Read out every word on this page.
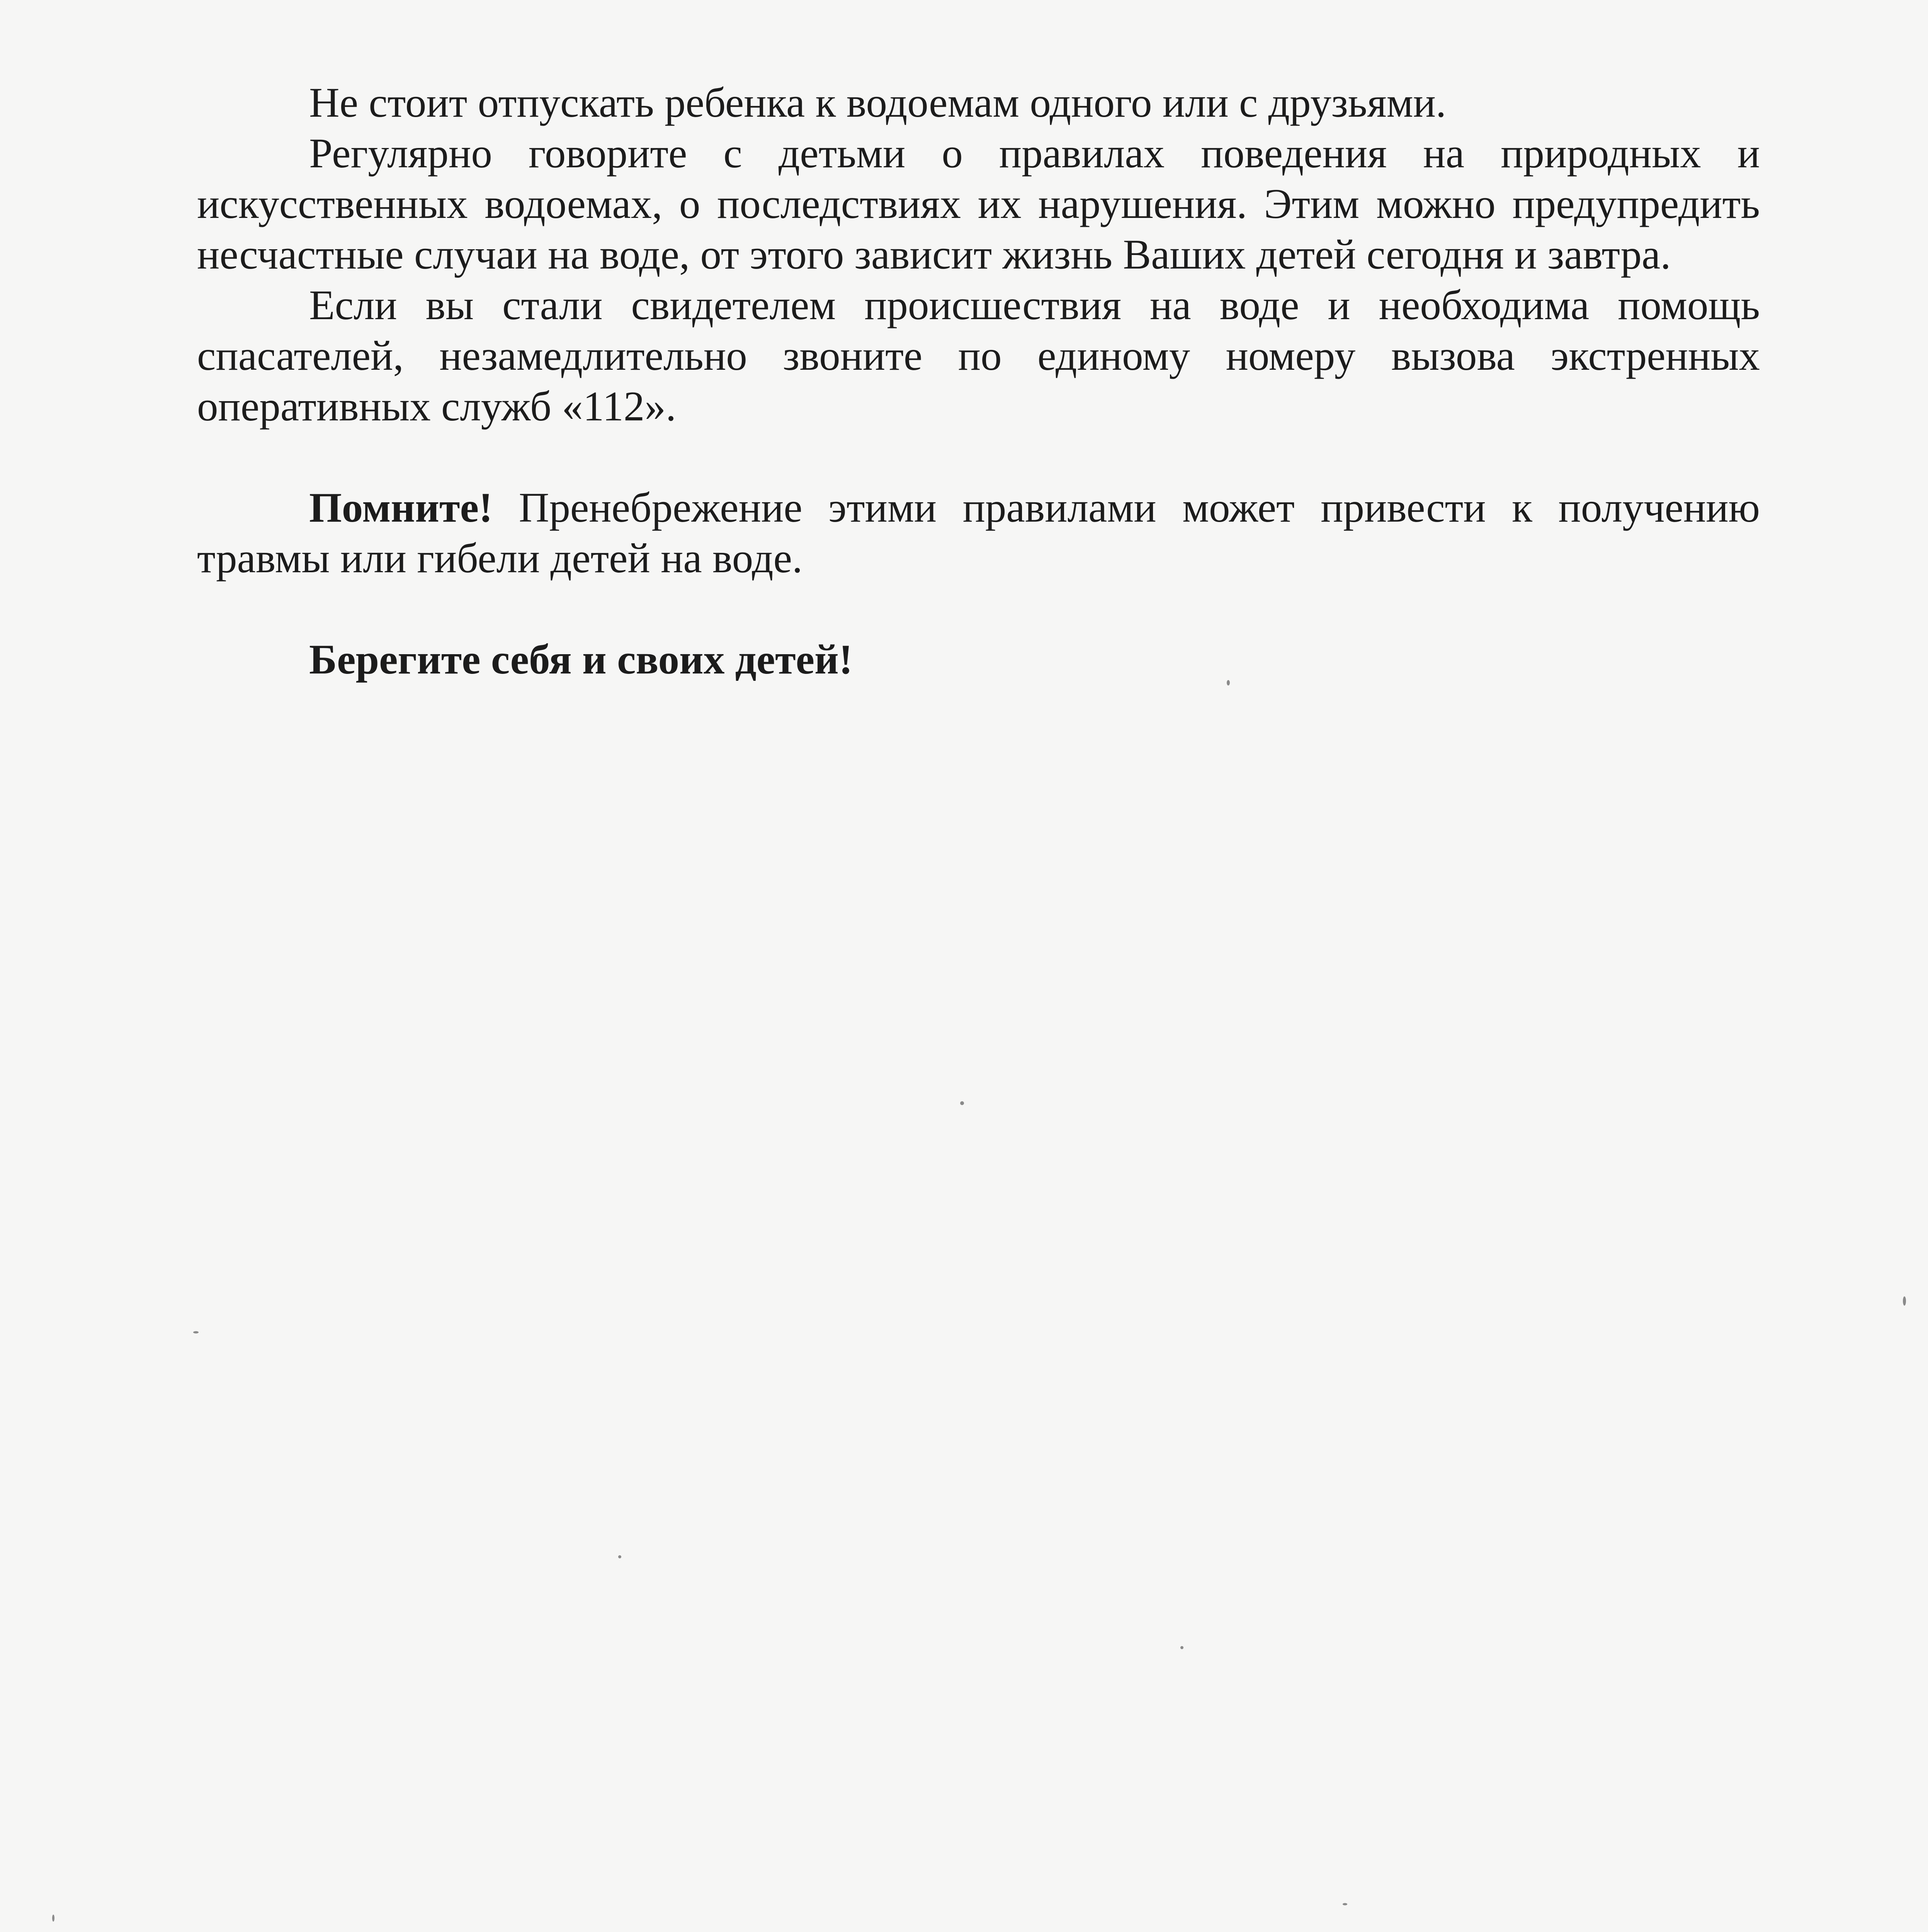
Не стоит отпускать ребенка к водоемам одного или с друзьями.

Регулярно говорите с детьми о правилах поведения на природных и искусственных водоемах, о последствиях их нарушения. Этим можно предупредить несчастные случаи на воде, от этого зависит жизнь Ваших детей сегодня и завтра.

Если вы стали свидетелем происшествия на воде и необходима помощь спасателей, незамедлительно звоните по единому номеру вызова экстренных оперативных служб «112».

Помните! Пренебрежение этими правилами может привести к получению травмы или гибели детей на воде.

Берегите себя и своих детей!
